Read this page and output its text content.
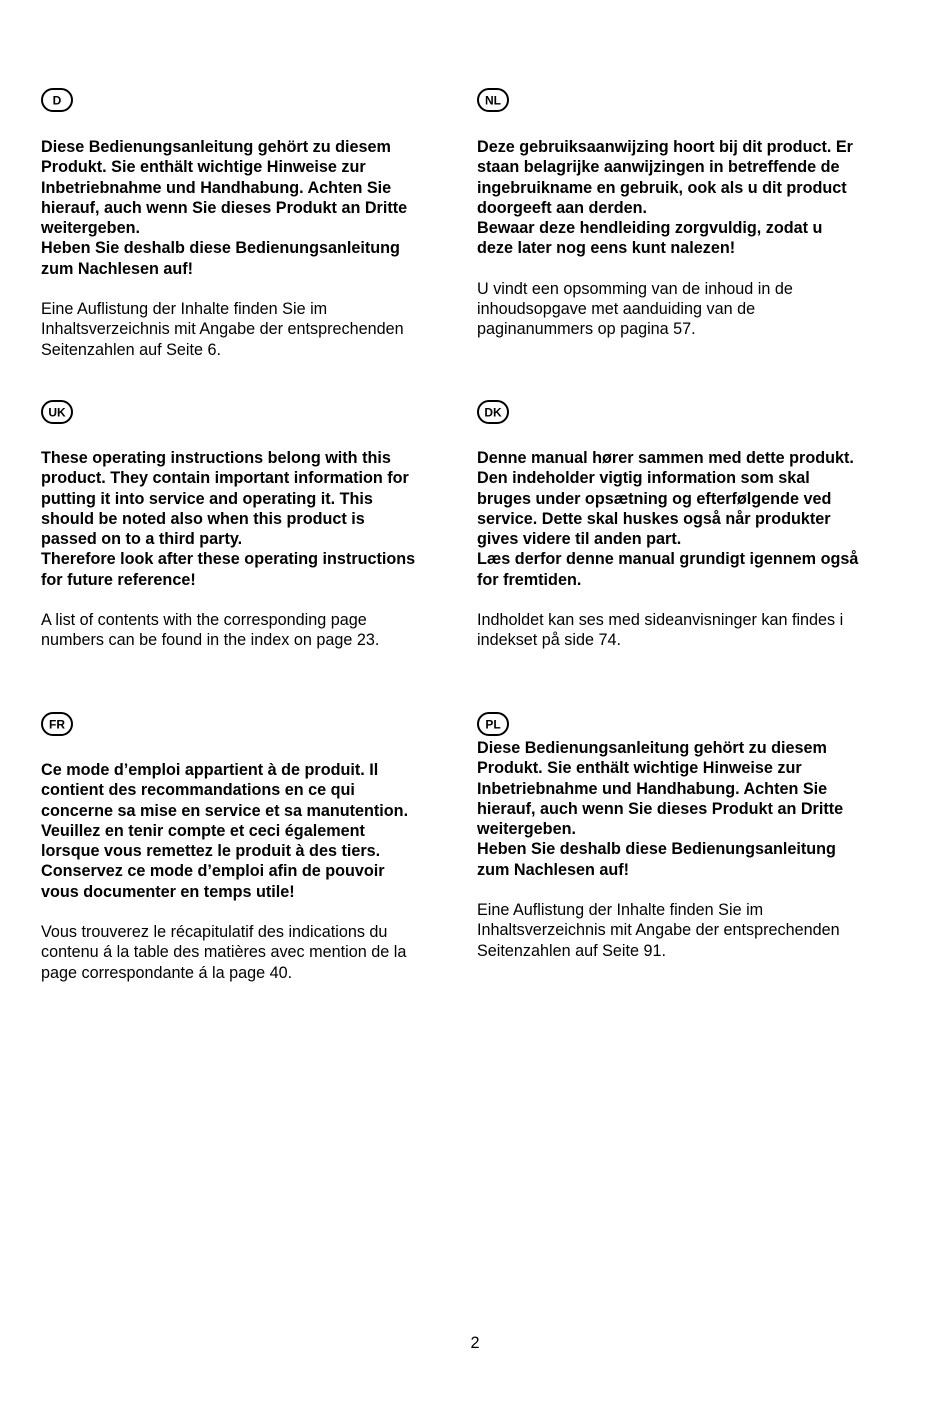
D

Diese Bedienungsanleitung gehört zu diesem
Produkt. Sie enthält wichtige Hinweise zur
Inbetriebnahme und Handhabung. Achten Sie
hierauf, auch wenn Sie dieses Produkt an Dritte
weitergeben.
Heben Sie deshalb diese Bedienungsanleitung
zum Nachlesen auf!

Eine Auflistung der Inhalte finden Sie im
Inhaltsverzeichnis mit Angabe der entsprechenden
Seitenzahlen auf Seite 6.

NL

Deze gebruiksaanwijzing hoort bij dit product. Er
staan belagrijke aanwijzingen in betreffende de
ingebruikname en gebruik, ook als u dit product
doorgeeft aan derden.
Bewaar deze hendleiding zorgvuldig, zodat u
deze later nog eens kunt nalezen!

U vindt een opsomming van de inhoud in de
inhoudsopgave met aanduiding van de
paginanummers op pagina 57.

UK

These operating instructions belong with this
product. They contain important information for
putting it into service and operating it. This
should be noted also when this product is
passed on to a third party.
Therefore look after these operating instructions
for future reference!

A list of contents with the corresponding page
numbers can be found in the index on page 23.

DK

Denne manual hører sammen med dette produkt.
Den indeholder vigtig information som skal
bruges under opsætning og efterfølgende ved
service. Dette skal huskes også når produkter
gives videre til anden part.
Læs derfor denne manual grundigt igennem også
for fremtiden.

Indholdet kan ses med sideanvisninger kan findes i
indekset på side 74.

FR

Ce mode d’emploi appartient à de produit. Il
contient des recommandations en ce qui
concerne sa mise en service et sa manutention.
Veuillez en tenir compte et ceci également
lorsque vous remettez le produit à des tiers.
Conservez ce mode d’emploi afin de pouvoir
vous documenter en temps utile!

Vous trouverez le récapitulatif des indications du
contenu á la table des matières avec mention de la
page correspondante á la page 40.

PL

Diese Bedienungsanleitung gehört zu diesem
Produkt. Sie enthält wichtige Hinweise zur
Inbetriebnahme und Handhabung. Achten Sie
hierauf, auch wenn Sie dieses Produkt an Dritte
weitergeben.
Heben Sie deshalb diese Bedienungsanleitung
zum Nachlesen auf!

Eine Auflistung der Inhalte finden Sie im
Inhaltsverzeichnis mit Angabe der entsprechenden
Seitenzahlen auf Seite 91.

2
